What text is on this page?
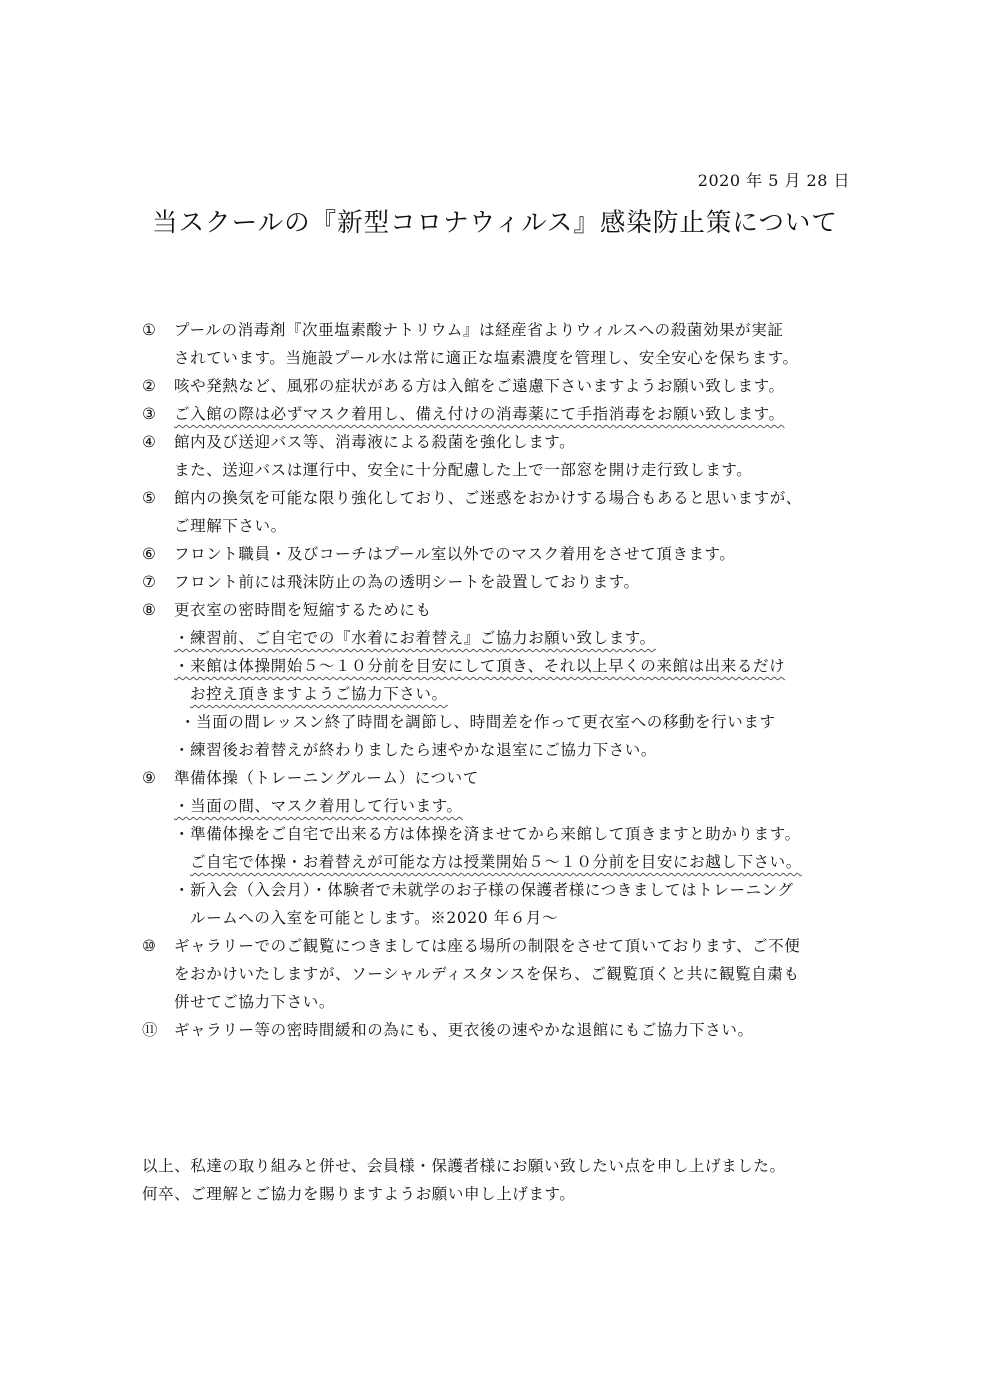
2020 年 5 月 28 日
当スクールの『新型コロナウィルス』感染防止策について
① プールの消毒剤『次亜塩素酸ナトリウム』は経産省よりウィルスへの殺菌効果が実証
されています。当施設プール水は常に適正な塩素濃度を管理し、安全安心を保ちます。
② 咳や発熱など、風邪の症状がある方は入館をご遠慮下さいますようお願い致します。
③ ご入館の際は必ずマスク着用し、備え付けの消毒薬にて手指消毒をお願い致します。
④ 館内及び送迎バス等、消毒液による殺菌を強化します。
また、送迎バスは運行中、安全に十分配慮した上で一部窓を開け走行致します。
⑤ 館内の換気を可能な限り強化しており、ご迷惑をおかけする場合もあると思いますが、
ご理解下さい。
⑥ フロント職員・及びコーチはプール室以外でのマスク着用をさせて頂きます。
⑦ フロント前には飛沫防止の為の透明シートを設置しております。
⑧ 更衣室の密時間を短縮するためにも
・練習前、ご自宅での『水着にお着替え』ご協力お願い致します。
・来館は体操開始５～１０分前を目安にして頂き、それ以上早くの来館は出来るだけ
お控え頂きますようご協力下さい。
・当面の間レッスン終了時間を調節し、時間差を作って更衣室への移動を行います
・練習後お着替えが終わりましたら速やかな退室にご協力下さい。
⑨ 準備体操（トレーニングルーム）について
・当面の間、マスク着用して行います。
・準備体操をご自宅で出来る方は体操を済ませてから来館して頂きますと助かります。
ご自宅で体操・お着替えが可能な方は授業開始５～１０分前を目安にお越し下さい。
・新入会（入会月）・体験者で未就学のお子様の保護者様につきましてはトレーニング
ルームへの入室を可能とします。※2020 年６月～
⑩ ギャラリーでのご観覧につきましては座る場所の制限をさせて頂いております、ご不便
をおかけいたしますが、ソーシャルディスタンスを保ち、ご観覧頂くと共に観覧自粛も
併せてご協力下さい。
⑪ ギャラリー等の密時間緩和の為にも、更衣後の速やかな退館にもご協力下さい。
以上、私達の取り組みと併せ、会員様・保護者様にお願い致したい点を申し上げました。
何卒、ご理解とご協力を賜りますようお願い申し上げます。
